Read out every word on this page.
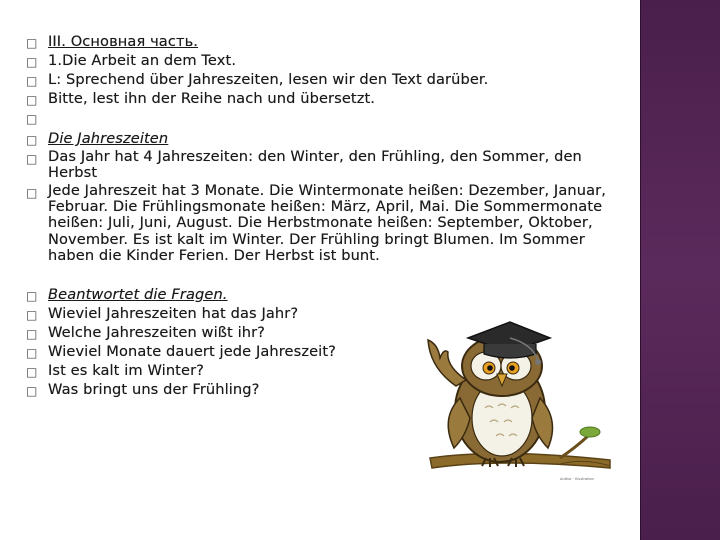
□ III. Основная часть.
□ 1.Die Arbeit an dem Text.
□ L: Sprechend über Jahreszeiten, lesen wir den Text darüber.
□ Bitte, lest ihn der Reihe nach und übersetzt.
□
□ Die Jahreszeiten
□ Das Jahr hat 4 Jahreszeiten: den Winter, den Frühling, den Sommer, den Herbst
□ Jede Jahreszeit hat 3 Monate. Die Wintermonate heißen: Dezember, Januar, Februar. Die Frühlingsmonate heißen: März, April, Mai. Die Sommermonate heißen: Juli, Juni, August. Die Herbstmonate heißen: September, Oktober, November. Es ist kalt im Winter. Der Frühling bringt Blumen. Im Sommer haben die Kinder Ferien. Der Herbst ist bunt.
□ Beantwortet die Fragen.
□ Wieviel Jahreszeiten hat das Jahr?
□ Welche Jahreszeiten wißt ihr?
□ Wieviel Monate dauert jede Jahreszeit?
□ Ist es kalt im Winter?
□ Was bringt uns der Frühling?
Author · Illustration
